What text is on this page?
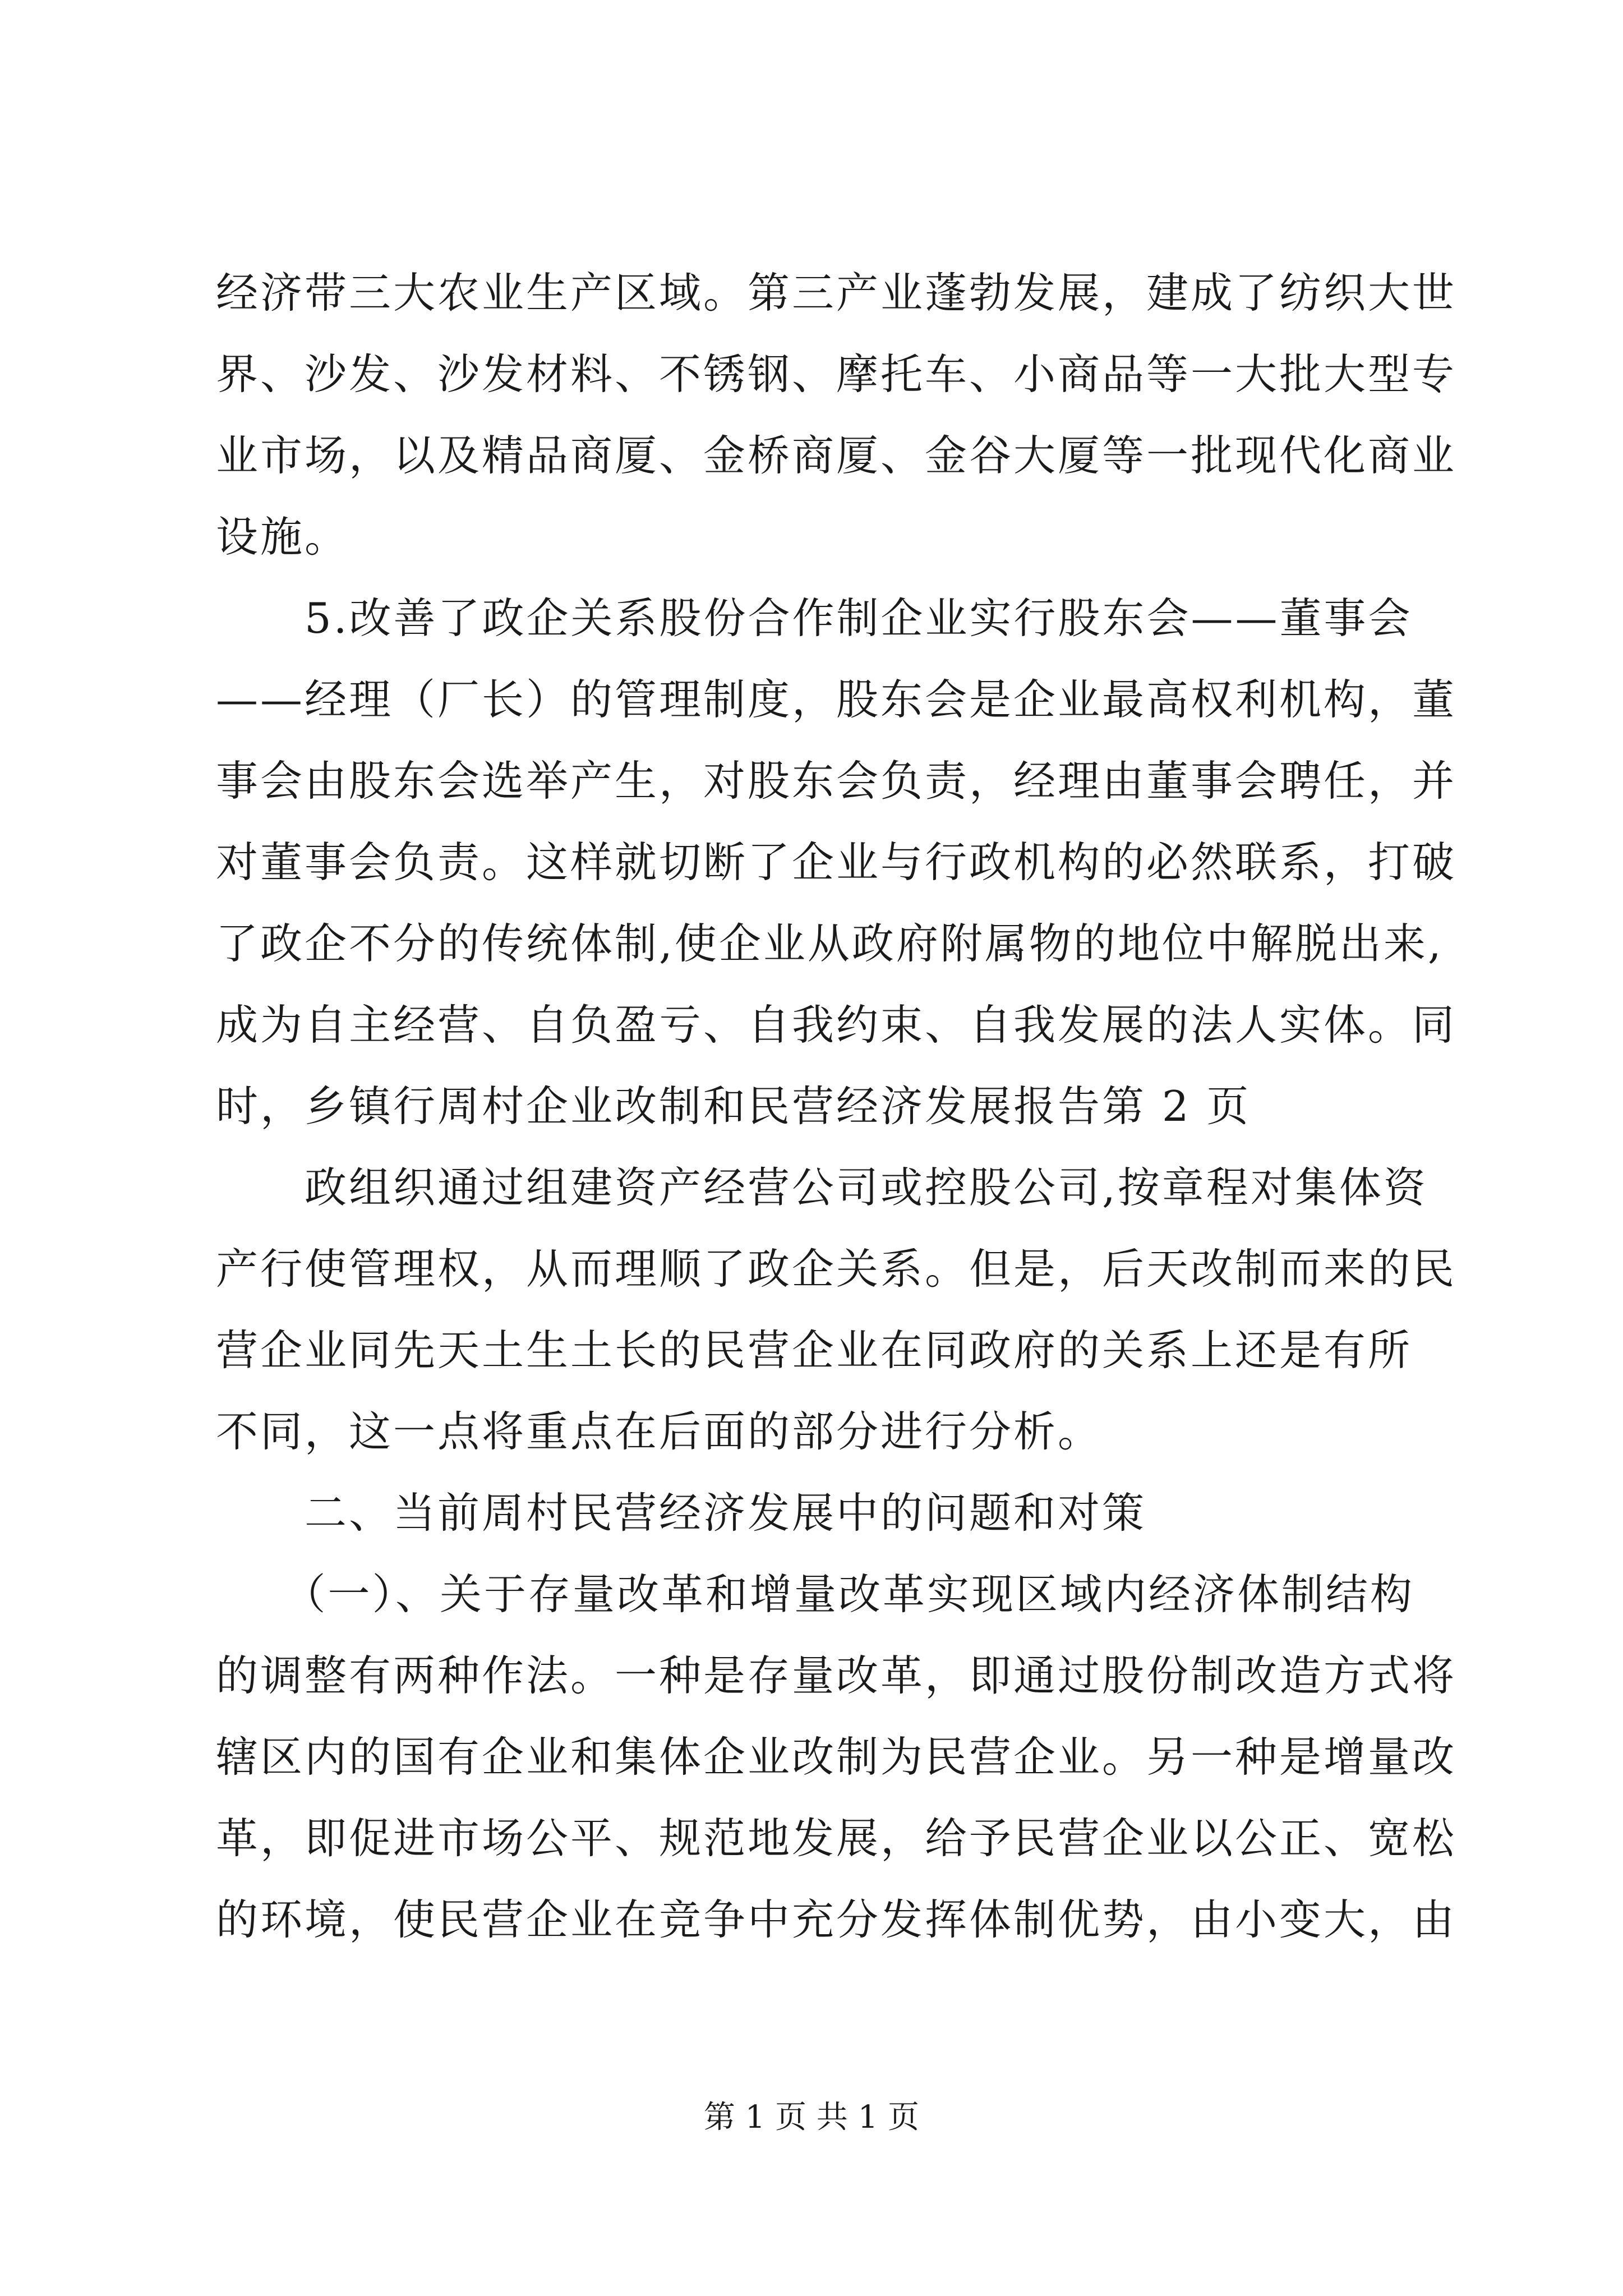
经济带三大农业生产区域。第三产业蓬勃发展，建成了纺织大世
界、沙发、沙发材料、不锈钢、摩托车、小商品等一大批大型专
业市场，以及精品商厦、金桥商厦、金谷大厦等一批现代化商业
设施。
　　5.改善了政企关系股份合作制企业实行股东会——董事会
——经理（厂长）的管理制度，股东会是企业最高权利机构，董
事会由股东会选举产生，对股东会负责，经理由董事会聘任，并
对董事会负责。这样就切断了企业与行政机构的必然联系，打破
了政企不分的传统体制,使企业从政府附属物的地位中解脱出来,
成为自主经营、自负盈亏、自我约束、自我发展的法人实体。同
时，乡镇行周村企业改制和民营经济发展报告第 2 页
　　政组织通过组建资产经营公司或控股公司,按章程对集体资
产行使管理权，从而理顺了政企关系。但是，后天改制而来的民
营企业同先天土生土长的民营企业在同政府的关系上还是有所
不同，这一点将重点在后面的部分进行分析。
　　二、当前周村民营经济发展中的问题和对策
　　（一）、关于存量改革和增量改革实现区域内经济体制结构
的调整有两种作法。一种是存量改革，即通过股份制改造方式将
辖区内的国有企业和集体企业改制为民营企业。另一种是增量改
革，即促进市场公平、规范地发展，给予民营企业以公正、宽松
的环境，使民营企业在竞争中充分发挥体制优势，由小变大，由
第 1 页 共 1 页
